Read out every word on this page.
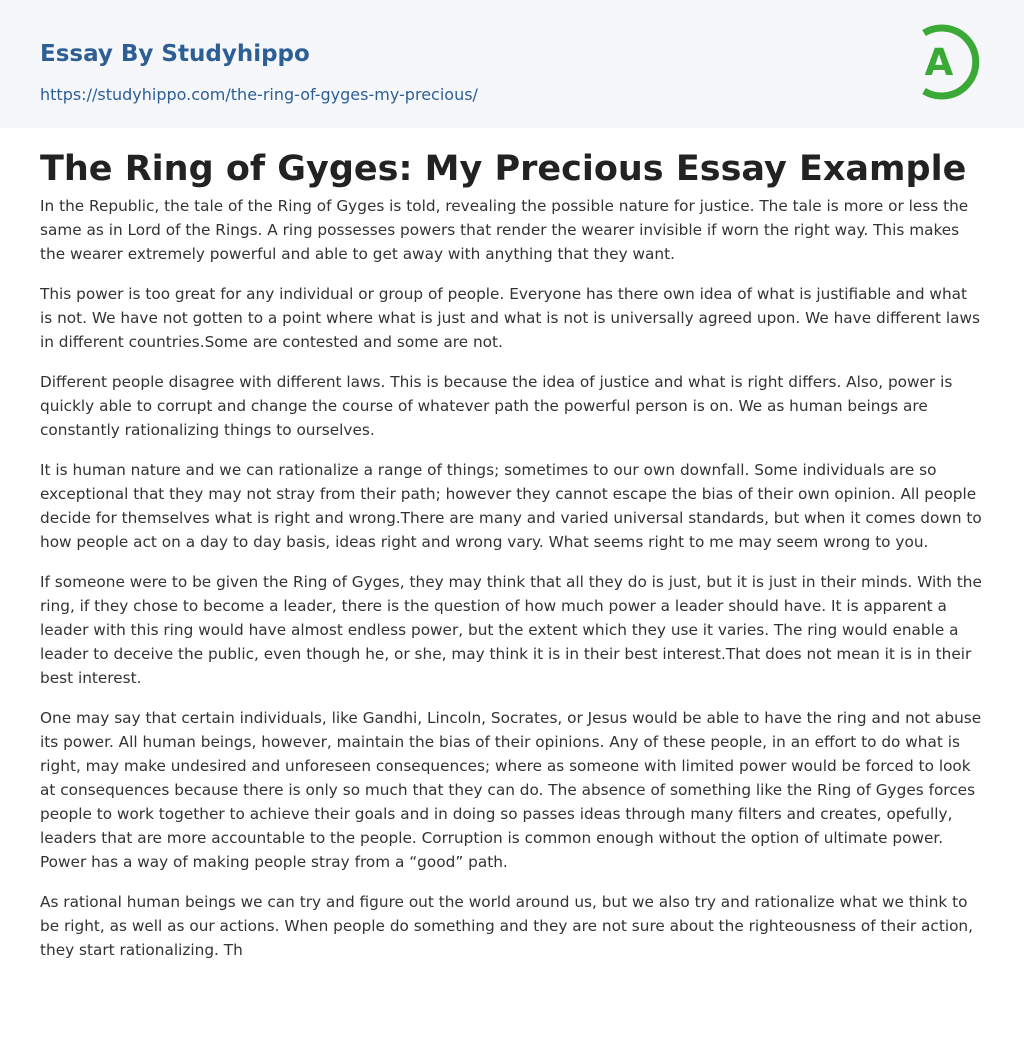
Essay By Studyhippo
https://studyhippo.com/the-ring-of-gyges-my-precious/
A
The Ring of Gyges: My Precious Essay Example

In the Republic, the tale of the Ring of Gyges is told, revealing the possible nature for justice. The tale is more or less the same as in Lord of the Rings. A ring possesses powers that render the wearer invisible if worn the right way. This makes the wearer extremely powerful and able to get away with anything that they want.

This power is too great for any individual or group of people. Everyone has there own idea of what is justifiable and what is not. We have not gotten to a point where what is just and what is not is universally agreed upon. We have different laws in different countries.Some are contested and some are not.

Different people disagree with different laws. This is because the idea of justice and what is right differs. Also, power is quickly able to corrupt and change the course of whatever path the powerful person is on. We as human beings are constantly rationalizing things to ourselves.

It is human nature and we can rationalize a range of things; sometimes to our own downfall. Some individuals are so exceptional that they may not stray from their path; however they cannot escape the bias of their own opinion. All people decide for themselves what is right and wrong.There are many and varied universal standards, but when it comes down to how people act on a day to day basis, ideas right and wrong vary. What seems right to me may seem wrong to you.

If someone were to be given the Ring of Gyges, they may think that all they do is just, but it is just in their minds. With the ring, if they chose to become a leader, there is the question of how much power a leader should have. It is apparent a leader with this ring would have almost endless power, but the extent which they use it varies. The ring would enable a leader to deceive the public, even though he, or she, may think it is in their best interest.That does not mean it is in their best interest.

One may say that certain individuals, like Gandhi, Lincoln, Socrates, or Jesus would be able to have the ring and not abuse its power. All human beings, however, maintain the bias of their opinions. Any of these people, in an effort to do what is right, may make undesired and unforeseen consequences; where as someone with limited power would be forced to look at consequences because there is only so much that they can do. The absence of something like the Ring of Gyges forces people to work together to achieve their goals and in doing so passes ideas through many filters and creates, opefully, leaders that are more accountable to the people. Corruption is common enough without the option of ultimate power. Power has a way of making people stray from a “good” path.

As rational human beings we can try and figure out the world around us, but we also try and rationalize what we think to be right, as well as our actions. When people do something and they are not sure about the righteousness of their action, they start rationalizing. Th
